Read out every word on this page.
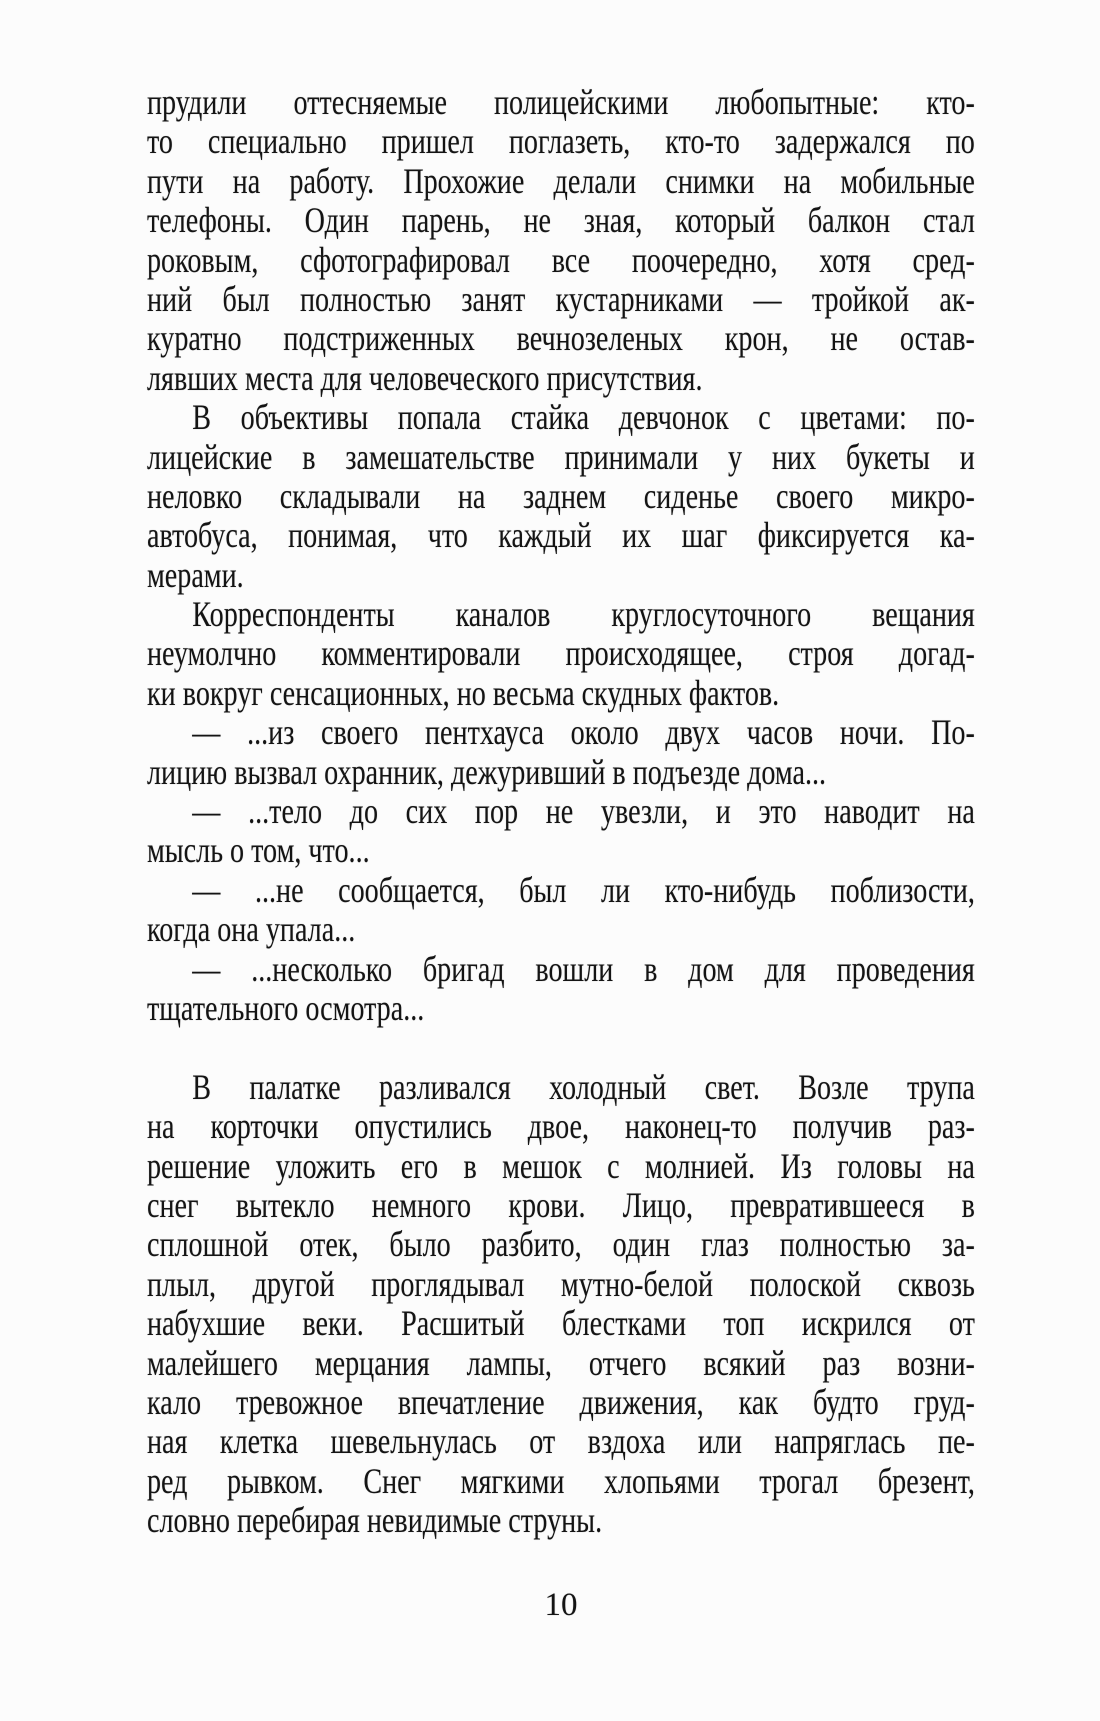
прудили оттесняемые полицейскими любопытные: кто-
то специально пришел поглазеть, кто-то задержался по
пути на работу. Прохожие делали снимки на мобильные
телефоны. Один парень, не зная, который балкон стал
роковым, сфотографировал все поочередно, хотя сред-
ний был полностью занят кустарниками — тройкой ак-
куратно подстриженных вечнозеленых крон, не остав-
лявших места для человеческого присутствия.
В объективы попала стайка девчонок с цветами: по-
лицейские в замешательстве принимали у них букеты и
неловко складывали на заднем сиденье своего микро-
автобуса, понимая, что каждый их шаг фиксируется ка-
мерами.
Корреспонденты каналов круглосуточного вещания
неумолчно комментировали происходящее, строя догад-
ки вокруг сенсационных, но весьма скудных фактов.
— ...из своего пентхауса около двух часов ночи. По-
лицию вызвал охранник, дежуривший в подъезде дома...
— ...тело до сих пор не увезли, и это наводит на
мысль о том, что...
— ...не сообщается, был ли кто-нибудь поблизости,
когда она упала...
— ...несколько бригад вошли в дом для проведения
тщательного осмотра...
В палатке разливался холодный свет. Возле трупа
на корточки опустились двое, наконец-то получив раз-
решение уложить его в мешок с молнией. Из головы на
снег вытекло немного крови. Лицо, превратившееся в
сплошной отек, было разбито, один глаз полностью за-
плыл, другой проглядывал мутно-белой полоской сквозь
набухшие веки. Расшитый блестками топ искрился от
малейшего мерцания лампы, отчего всякий раз возни-
кало тревожное впечатление движения, как будто груд-
ная клетка шевельнулась от вздоха или напряглась пе-
ред рывком. Снег мягкими хлопьями трогал брезент,
словно перебирая невидимые струны.
10
